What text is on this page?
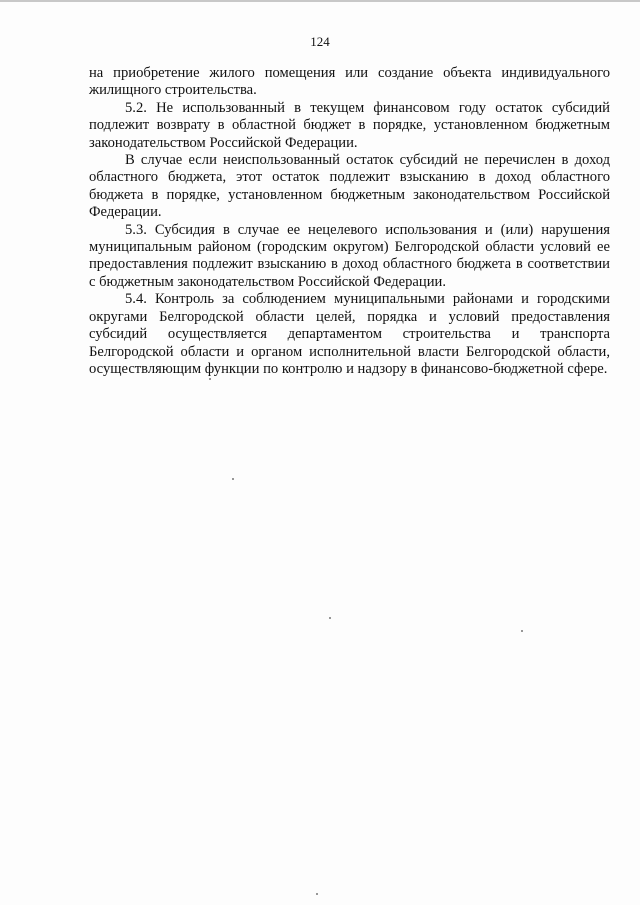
124

на приобретение жилого помещения или создание объекта индивидуального жилищного строительства.

5.2. Не использованный в текущем финансовом году остаток субсидий подлежит возврату в областной бюджет в порядке, установленном бюджетным законодательством Российской Федерации.

В случае если неиспользованный остаток субсидий не перечислен в доход областного бюджета, этот остаток подлежит взысканию в доход областного бюджета в порядке, установленном бюджетным законодательством Российской Федерации.

5.3. Субсидия в случае ее нецелевого использования и (или) нарушения муниципальным районом (городским округом) Белгородской области условий ее предоставления подлежит взысканию в доход областного бюджета в соответствии с бюджетным законодательством Российской Федерации.

5.4. Контроль за соблюдением муниципальными районами и городскими округами Белгородской области целей, порядка и условий предоставления субсидий осуществляется департаментом строительства и транспорта Белгородской области и органом исполнительной власти Белгородской области, осуществляющим функции по контролю и надзору в финансово-бюджетной сфере.
